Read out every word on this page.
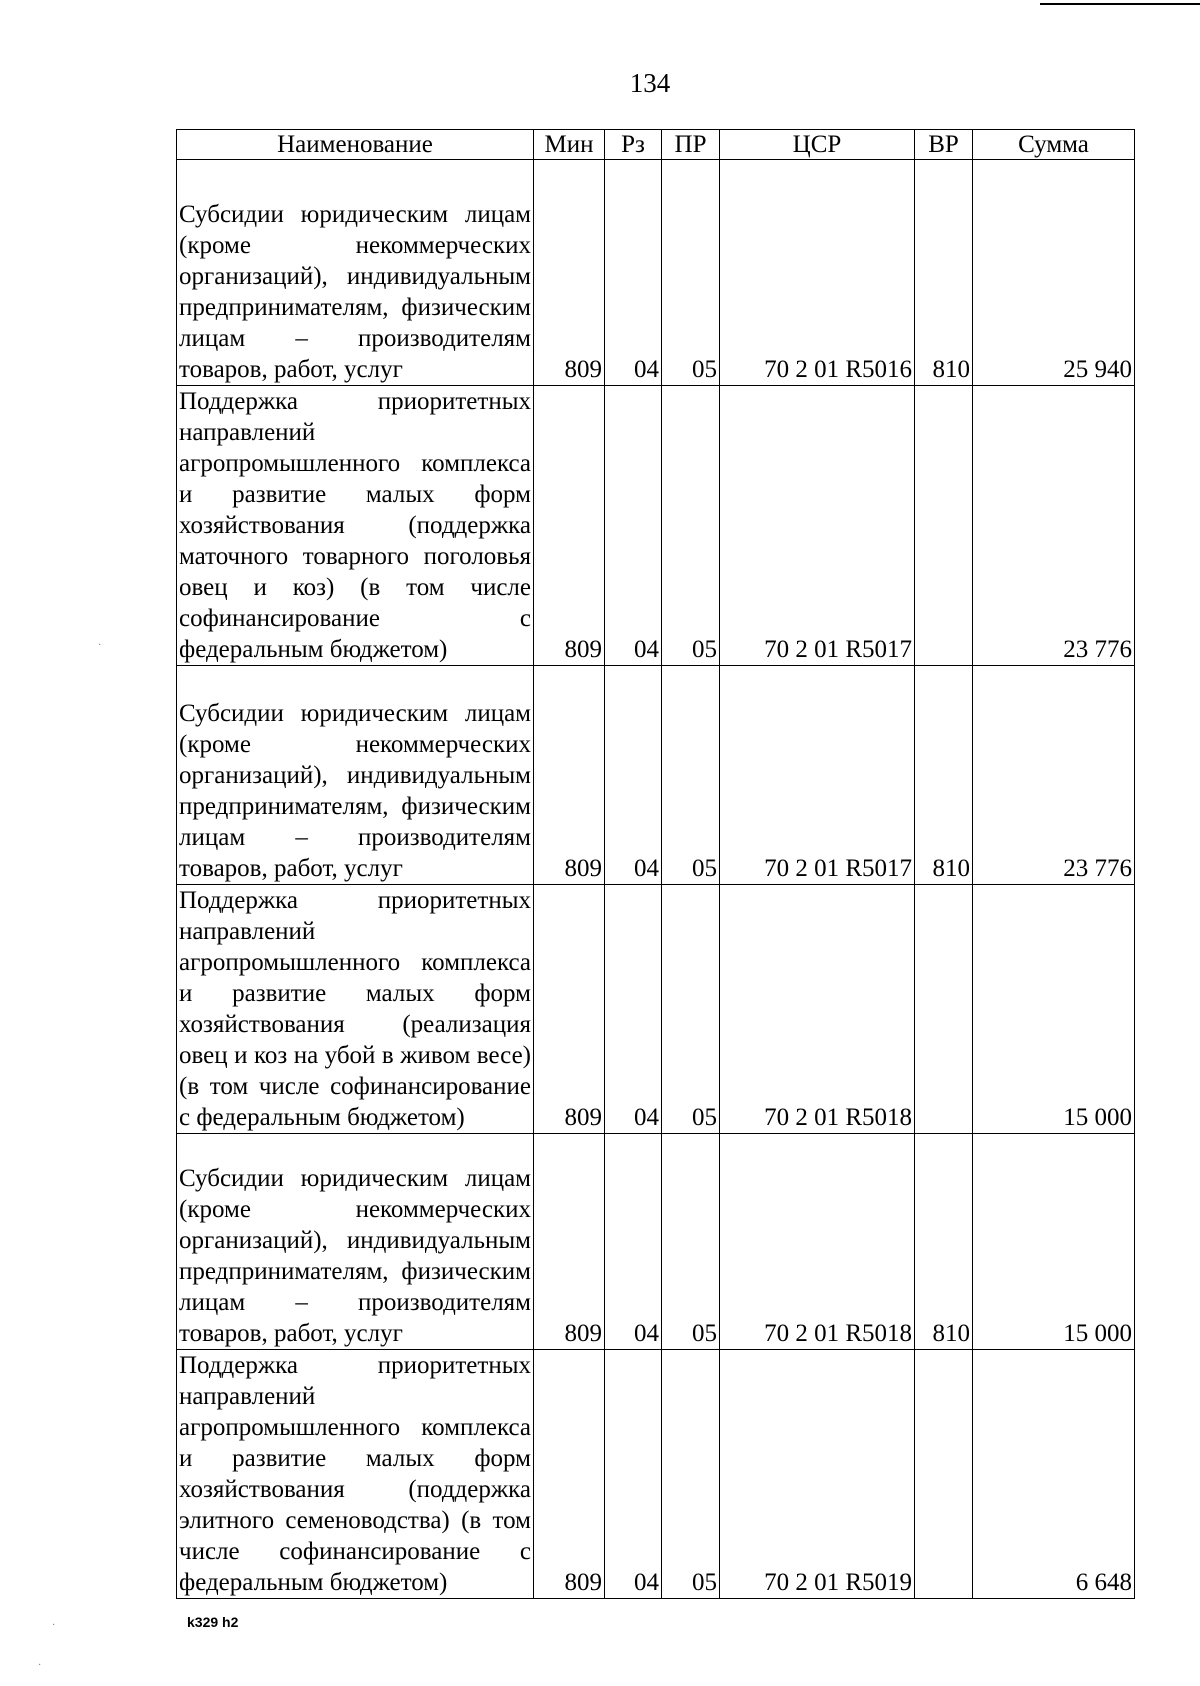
134
Наименование	Мин	Рз	ПР	ЦСР	ВР	Сумма
Субсидии юридическим лицам (кроме некоммерческих организаций), индивидуальным предпринимателям, физическим лицам – производителям товаров, работ, услуг	809	04	05	70 2 01 R5016	810	25 940
Поддержка приоритетных направлений агропромышленного комплекса и развитие малых форм хозяйствования (поддержка маточного товарного поголовья овец и коз) (в том числе софинансирование с федеральным бюджетом)	809	04	05	70 2 01 R5017		23 776
Субсидии юридическим лицам (кроме некоммерческих организаций), индивидуальным предпринимателям, физическим лицам – производителям товаров, работ, услуг	809	04	05	70 2 01 R5017	810	23 776
Поддержка приоритетных направлений агропромышленного комплекса и развитие малых форм хозяйствования (реализация овец и коз на убой в живом весе) (в том числе софинансирование с федеральным бюджетом)	809	04	05	70 2 01 R5018		15 000
Субсидии юридическим лицам (кроме некоммерческих организаций), индивидуальным предпринимателям, физическим лицам – производителям товаров, работ, услуг	809	04	05	70 2 01 R5018	810	15 000
Поддержка приоритетных направлений агропромышленного комплекса и развитие малых форм хозяйствования (поддержка элитного семеноводства) (в том числе софинансирование с федеральным бюджетом)	809	04	05	70 2 01 R5019		6 648
k329 h2
·
·
·
